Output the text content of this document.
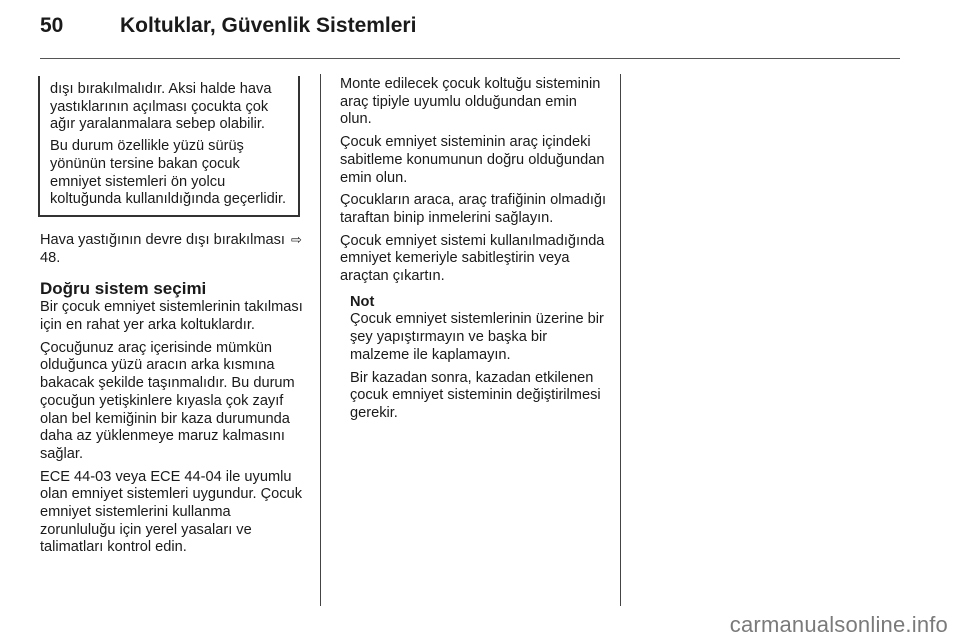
50	Koltuklar, Güvenlik Sistemleri

dışı bırakılmalıdır. Aksi halde hava yastıklarının açılması çocukta çok ağır yaralanmalara sebep olabilir.

Bu durum özellikle yüzü sürüş yönünün tersine bakan çocuk emniyet sistemleri ön yolcu koltuğunda kullanıldığında geçerlidir.

Hava yastığının devre dışı bırakılması ⇨48.

Doğru sistem seçimi

Bir çocuk emniyet sistemlerinin takılması için en rahat yer arka koltuklardır.

Çocuğunuz araç içerisinde mümkün olduğunca yüzü aracın arka kısmına bakacak şekilde taşınmalıdır. Bu durum çocuğun yetişkinlere kıyasla çok zayıf olan bel kemiğinin bir kaza durumunda daha az yüklenmeye maruz kalmasını sağlar.

ECE 44-03 veya ECE 44-04 ile uyumlu olan emniyet sistemleri uygundur. Çocuk emniyet sistemlerini kullanma zorunluluğu için yerel yasaları ve talimatları kontrol edin.

Monte edilecek çocuk koltuğu sisteminin araç tipiyle uyumlu olduğundan emin olun.

Çocuk emniyet sisteminin araç içindeki sabitleme konumunun doğru olduğundan emin olun.

Çocukların araca, araç trafiğinin olmadığı taraftan binip inmelerini sağlayın.

Çocuk emniyet sistemi kullanılmadığında emniyet kemeriyle sabitleştirin veya araçtan çıkartın.

Not

Çocuk emniyet sistemlerinin üzerine bir şey yapıştırmayın ve başka bir malzeme ile kaplamayın.

Bir kazadan sonra, kazadan etkilenen çocuk emniyet sisteminin değiştirilmesi gerekir.

carmanualsonline.info
